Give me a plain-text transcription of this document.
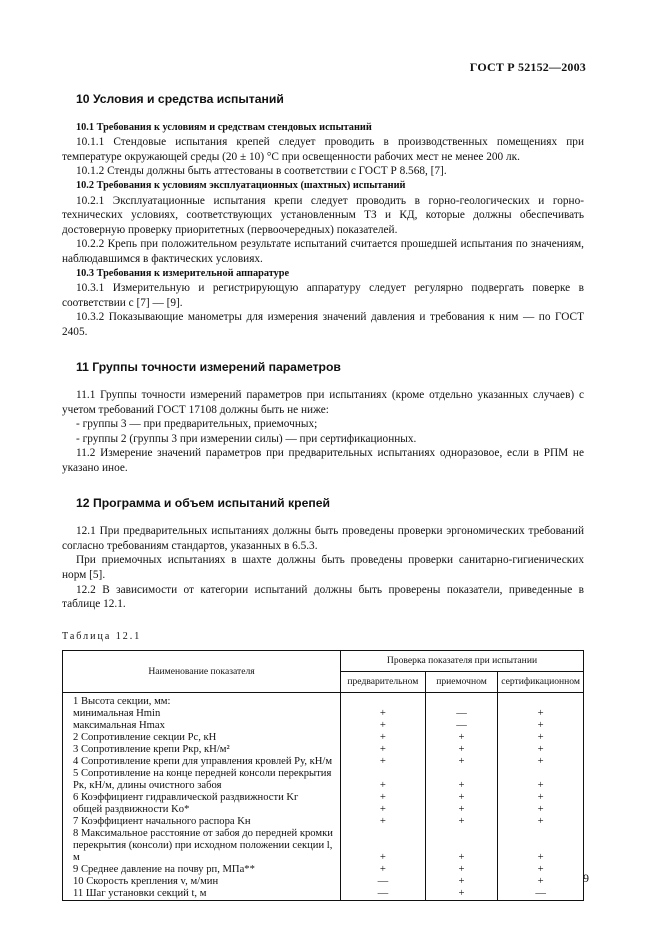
ГОСТ Р 52152—2003
10 Условия и средства испытаний
10.1 Требования к условиям и средствам стендовых испытаний

10.1.1 Стендовые испытания крепей следует проводить в производственных помещениях при температуре окружающей среды (20 ± 10) °С при освещенности рабочих мест не менее 200 лк.

10.1.2 Стенды должны быть аттестованы в соответствии с ГОСТ Р 8.568, [7].

10.2 Требования к условиям эксплуатационных (шахтных) испытаний

10.2.1 Эксплуатационные испытания крепи следует проводить в горно-геологических и горно-технических условиях, соответствующих установленным ТЗ и КД, которые должны обеспечивать достоверную проверку приоритетных (первоочередных) показателей.

10.2.2 Крепь при положительном результате испытаний считается прошедшей испытания по значениям, наблюдавшимся в фактических условиях.

10.3 Требования к измерительной аппаратуре

10.3.1 Измерительную и регистрирующую аппаратуру следует регулярно подвергать поверке в соответствии с [7] — [9].

10.3.2 Показывающие манометры для измерения значений давления и требования к ним — по ГОСТ 2405.

11 Группы точности измерений параметров

11.1 Группы точности измерений параметров при испытаниях (кроме отдельно указанных случаев) с учетом требований ГОСТ 17108 должны быть не ниже:

- группы 3 — при предварительных, приемочных;
- группы 2 (группы 3 при измерении силы) — при сертификационных.

11.2 Измерение значений параметров при предварительных испытаниях одноразовое, если в РПМ не указано иное.

12 Программа и объем испытаний крепей

12.1 При предварительных испытаниях должны быть проведены проверки эргономических требований согласно требованиям стандартов, указанных в 6.5.3.

При приемочных испытаниях в шахте должны быть проведены проверки санитарно-гигиенических норм [5].

12.2 В зависимости от категории испытаний должны быть проверены показатели, приведенные в таблице 12.1.

Таблица 12.1
Наименование показателя	Проверка показателя при испытании		
	предварительном	приемочном	сертификационном
1 Высота секции, мм:			
минимальная Hmin	+	—	+
максимальная Hmax	+	—	+
2 Сопротивление секции Pс, кН	+	+	+
3 Сопротивление крепи Pкр, кН/м²	+	+	+
4 Сопротивление крепи для управления кровлей Pу, кН/м	+	+	+
5 Сопротивление на конце передней консоли перекрытия Pк, кН/м, длины очистного забоя	+	+	+
6 Коэффициент гидравлической раздвижности Kг	+	+	+
общей раздвижности Kо*	+	+	+
7 Коэффициент начального распора Kн	+	+	+
8 Максимальное расстояние от забоя до передней кромки перекрытия (консоли) при исходном положении секции l, м	+	+	+
9 Среднее давление на почву pп, МПа**	+	+	+
10 Скорость крепления v, м/мин	—	+	+
11 Шаг установки секций t, м	—	+	—
9
